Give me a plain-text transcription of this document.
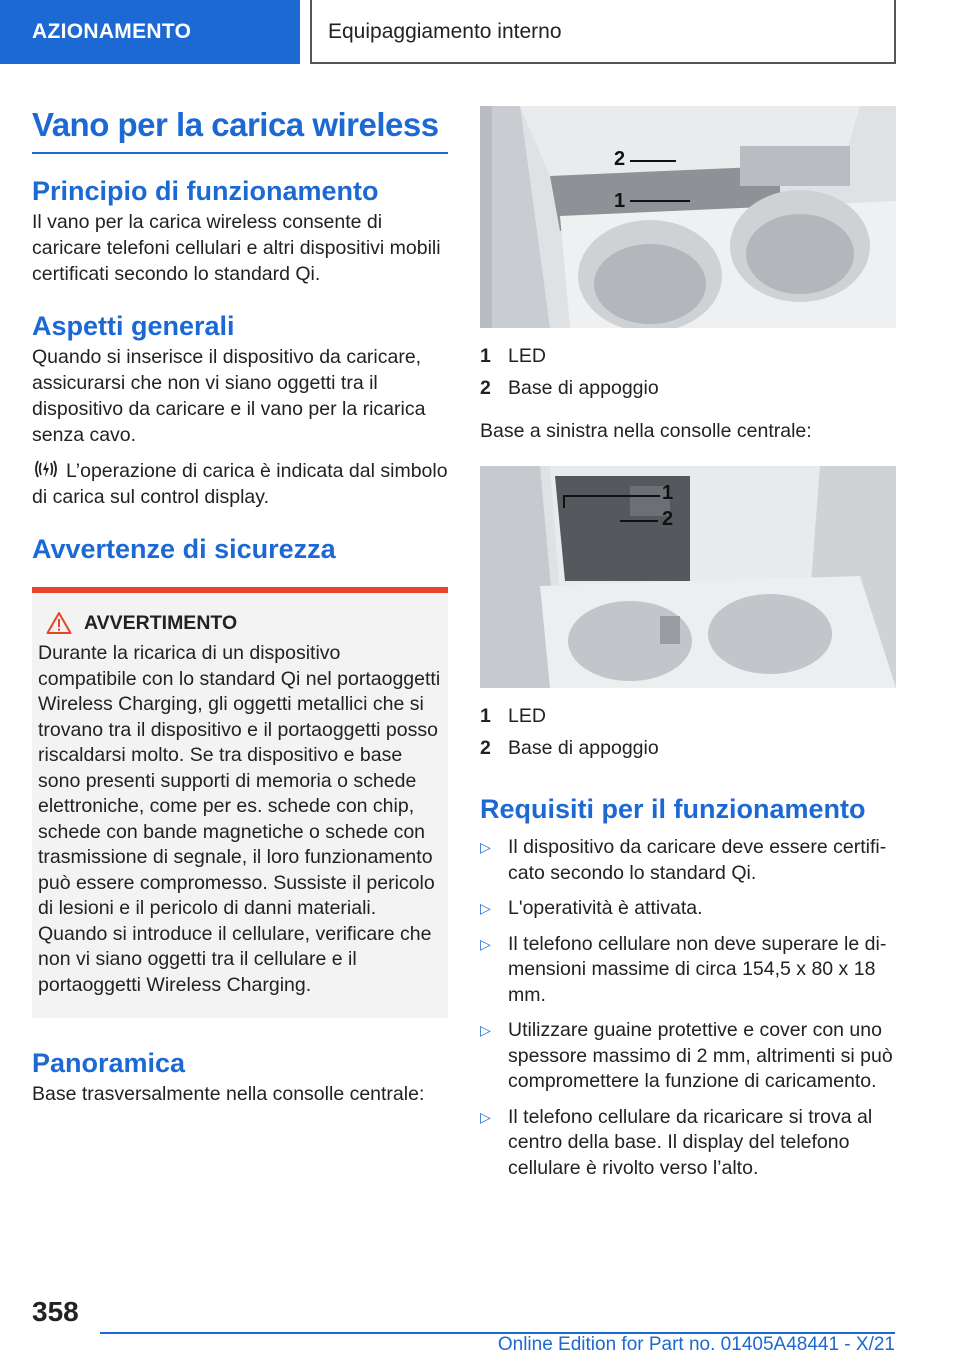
AZIONAMENTO	Equipaggiamento interno
Vano per la carica wireless
Principio di funzionamento

Il vano per la carica wireless consente di caricare telefoni cellulari e altri dispositivi mobili certificati secondo lo standard Qi.

Aspetti generali

Quando si inserisce il dispositivo da caricare, assicurarsi che non vi siano oggetti tra il dispositivo da caricare e il vano per la ricarica senza cavo.

L’operazione di carica è indicata dal simbolo di carica sul control display.

Avvertenze di sicurezza
AVVERTIMENTO

Durante la ricarica di un dispositivo compatibile con lo standard Qi nel portaoggetti Wireless Charging, gli oggetti metallici che si trovano tra il dispositivo e il portaoggetti posso riscaldarsi molto. Se tra dispositivo e base sono presenti supporti di memoria o schede elettroniche, come per es. schede con chip, schede con bande magnetiche o schede con trasmissione di segnale, il loro funzionamento può essere compromesso. Sussiste il pericolo di lesioni e il pericolo di danni materiali. Quando si introduce il cellulare, verificare che non vi siano oggetti tra il cellulare e il portaoggetti Wireless Charging.

Panoramica

Base trasversalmente nella consolle centrale:

2
1
1 LED
2 Base di appoggio

Base a sinistra nella consolle centrale:

1
2
1 LED
2 Base di appoggio
Requisiti per il funzionamento
▷ Il dispositivo da caricare deve essere certificato secondo lo standard Qi.
▷ L'operatività è attivata.
▷ Il telefono cellulare non deve superare le dimensioni massime di circa 154,5 x 80 x 18 mm.
▷ Utilizzare guaine protettive e cover con uno spessore massimo di 2 mm, altrimenti si può compromettere la funzione di caricamento.
▷ Il telefono cellulare da ricaricare si trova al centro della base. Il display del telefono cellulare è rivolto verso l’alto.
358
Online Edition for Part no. 01405A48441 - X/21
